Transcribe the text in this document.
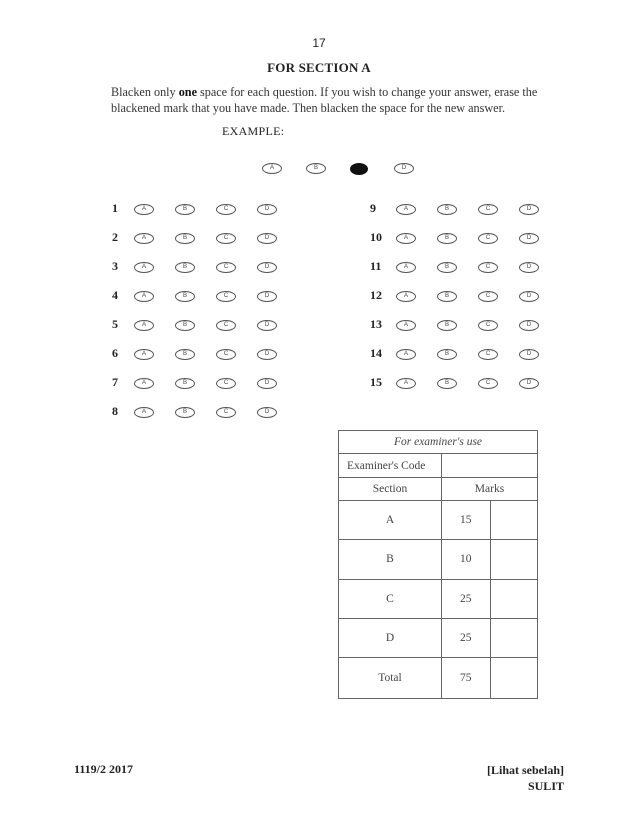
17
FOR SECTION A
Blacken only one space for each question. If you wish to change your answer, erase the blackened mark that you have made. Then blacken the space for the new answer.
EXAMPLE:
A	B	D
1	A	B	C	D
2	A	B	C	D
3	A	B	C	D
4	A	B	C	D
5	A	B	C	D
6	A	B	C	D
7	A	B	C	D
8	A	B	C	D
9	A	B	C	D
10	A	B	C	D
11	A	B	C	D
12	A	B	C	D
13	A	B	C	D
14	A	B	C	D
15	A	B	C	D
For examiner's use		
Examiner's Code		
Section	Marks	
A	15	
B	10	
C	25	
D	25	
Total	75	
1119/2 2017	[Lihat sebelah]
SULIT
